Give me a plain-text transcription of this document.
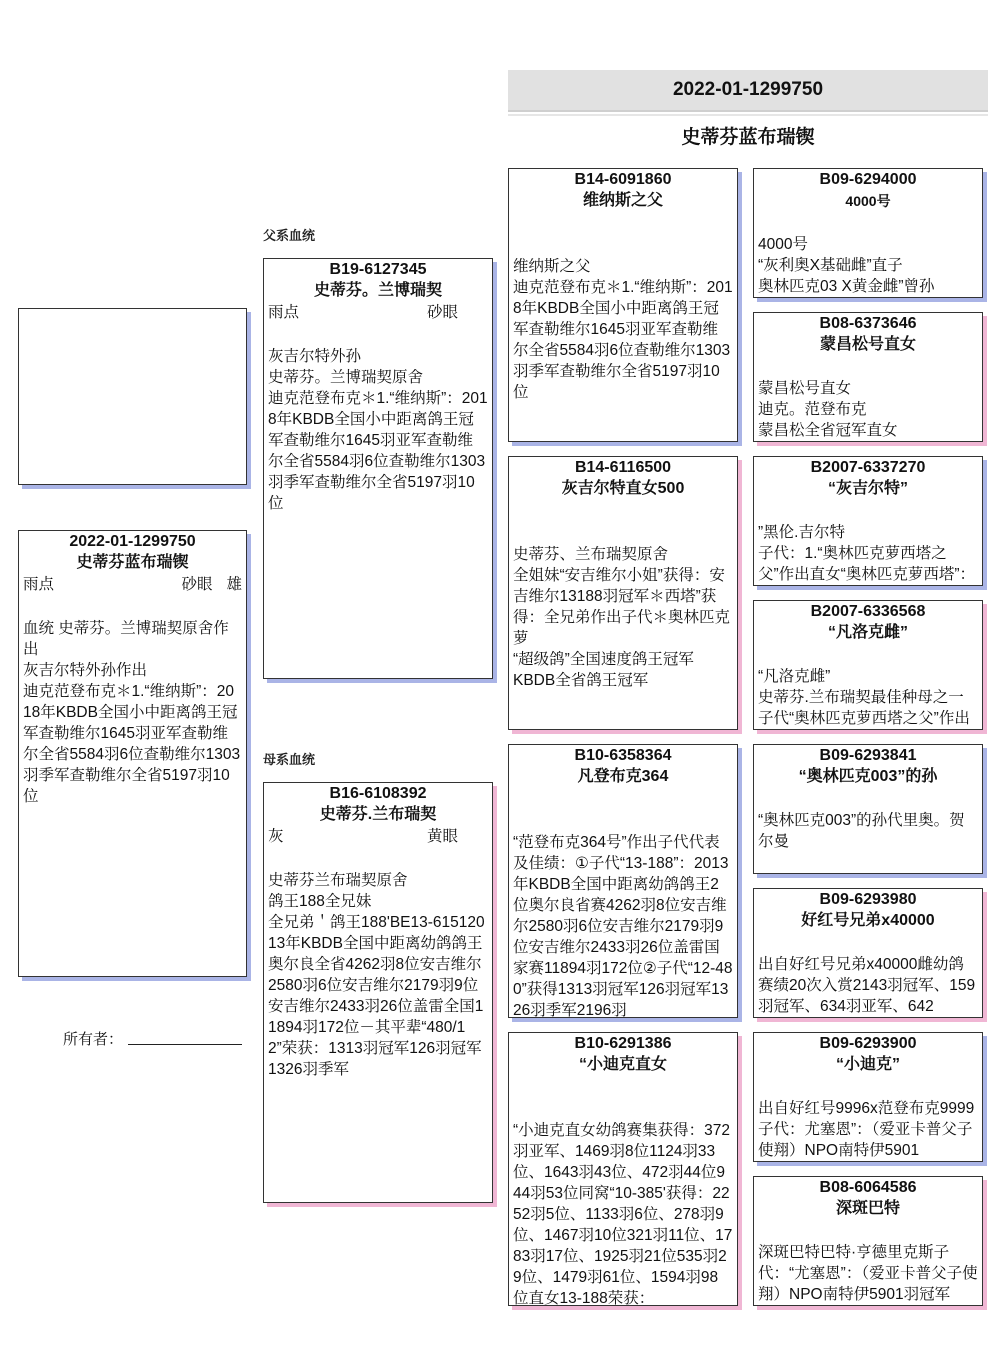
2022-01-1299750
史蒂芬蓝布瑞锲
父系血统
母系血统
2022-01-1299750
史蒂芬蓝布瑞锲
雨点	砂眼 雄
血统 史蒂芬。兰博瑞契原舍作出
灰吉尔特外孙作出
迪克范登布克＊1.“维纳斯”：2018年KBDB全国小中距离鸽王冠军查勒维尔1645羽亚军查勒维尔全省5584羽6位查勒维尔1303羽季军查勒维尔全省5197羽10位
B19-6127345
史蒂芬。兰博瑞契
雨点	砂眼
灰吉尔特外孙
史蒂芬。兰博瑞契原舍
迪克范登布克＊1.“维纳斯”：2018年KBDB全国小中距离鸽王冠军查勒维尔1645羽亚军查勒维尔全省5584羽6位查勒维尔1303羽季军查勒维尔全省5197羽10位
B16-6108392
史蒂芬.兰布瑞契
灰	黄眼
史蒂芬兰布瑞契原舍
鸽王188全兄妹
全兄弟＇鸽王188'BE13-61512013年KBDB全国中距离幼鸽鸽王奥尔良全省4262羽8位安吉维尔2580羽6位安吉维尔2179羽9位安吉维尔2433羽26位盖雷全国11894羽172位－其平辈“480/12”荣获：1313羽冠军126羽冠军1326羽季军
B14-6091860
维纳斯之父
维纳斯之父
迪克范登布克＊1.“维纳斯”：2018年KBDB全国小中距离鸽王冠军查勒维尔1645羽亚军查勒维尔全省5584羽6位查勒维尔1303羽季军查勒维尔全省5197羽10位
B14-6116500
灰吉尔特直女500
史蒂芬、兰布瑞契原舍
全姐妹“安吉维尔小姐”获得：安吉维尔13188羽冠军＊西塔”获得：全兄弟作出子代＊奥林匹克萝
“超级鸽”全国速度鸽王冠军
KBDB全省鸽王冠军
B10-6358364
凡登布克364
“范登布克364号”作出子代代表及佳绩：①子代“13-188”：2013年KBDB全国中距离幼鸽鸽王2位奥尔良省赛4262羽8位安吉维尔2580羽6位安吉维尔2179羽9位安吉维尔2433羽26位盖雷国家赛11894羽172位②子代“12-480”获得1313羽冠军126羽冠军1326羽季军2196羽
B10-6291386
“小迪克直女
“小迪克直女幼鸽赛集获得：372羽亚军、1469羽8位1124羽33位、1643羽43位、472羽44位944羽53位同窝“10-385'获得：2252羽5位、1133羽6位、278羽9位、1467羽10位321羽11位、1783羽17位、1925羽21位535羽29位、1479羽61位、1594羽98位直女13-188荣获：
B09-6294000
4000号
4000号
“灰利奥X基础雌”直子
奥林匹克03 X黄金雌”曾孙
B08-6373646
蒙昌松号直女
蒙昌松号直女
迪克。范登布克
蒙昌松全省冠军直女
B2007-6337270
“灰吉尔特”
”黑伦.吉尔特
子代：1.“奥林匹克萝西塔之父”作出直女“奥林匹克萝西塔”：
B2007-6336568
“凡洛克雌”
“凡洛克雌”
史蒂芬.兰布瑞契最佳种母之一子代“奥林匹克萝西塔之父”作出
B09-6293841
“奥林匹克003”的孙
“奥林匹克003”的孙代里奥。贺尔曼
B09-6293980
好红号兄弟x40000
出自好红号兄弟x40000雌幼鸽赛绩20次入赏2143羽冠军、159羽冠军、634羽亚军、642
B09-6293900
“小迪克”
出自好红号9996x范登布克9999子代：尤塞恩”：（爱亚卡普父子使翔）NPO南特伊5901
B08-6064586
深斑巴特
深斑巴特巴特·亨德里克斯子代：“尤塞恩”：（爱亚卡普父子使翔）NPO南特伊5901羽冠军
所有者：
